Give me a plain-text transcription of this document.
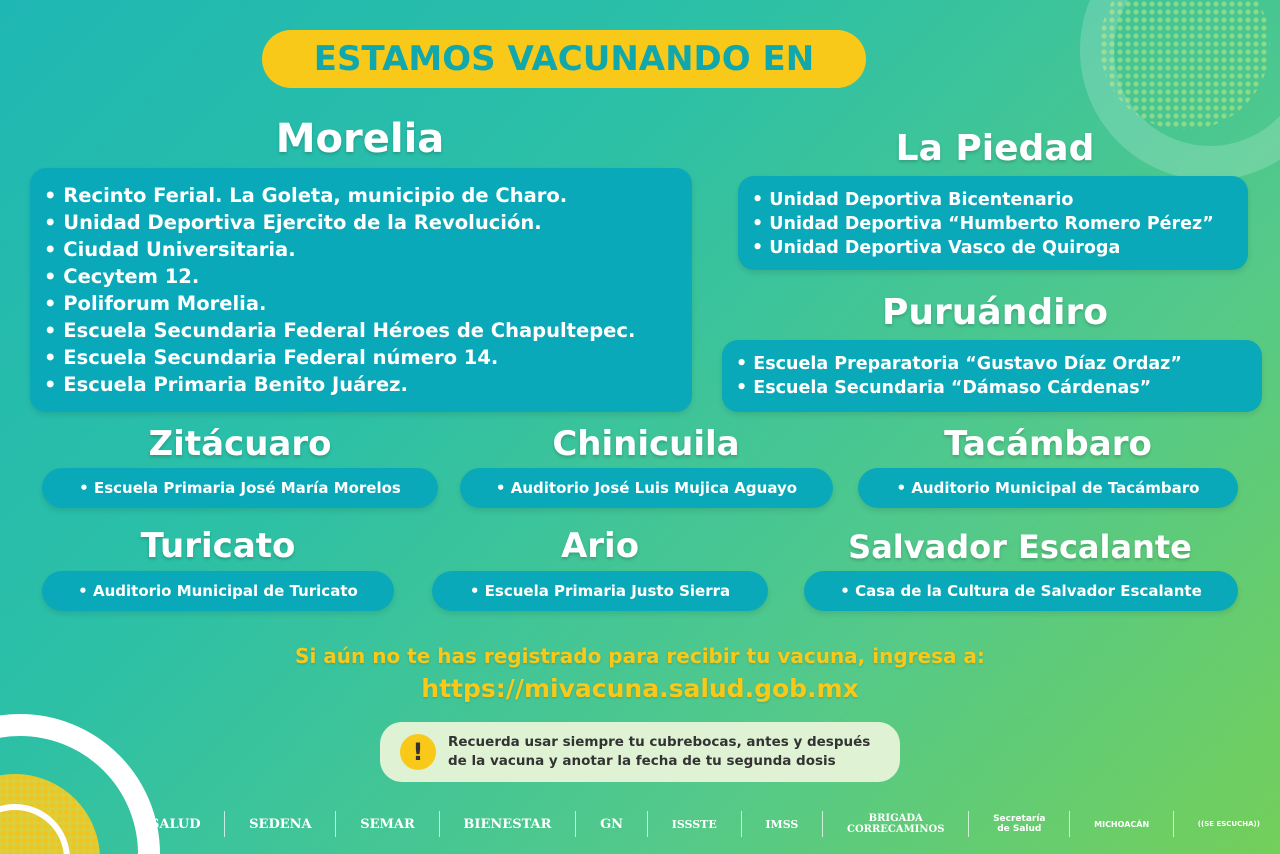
ESTAMOS VACUNANDO EN
Morelia
• Recinto Ferial. La Goleta, municipio de Charo.
• Unidad Deportiva Ejercito de la Revolución.
• Ciudad Universitaria.
• Cecytem 12.
• Poliforum Morelia.
• Escuela Secundaria Federal Héroes de Chapultepec.
• Escuela Secundaria Federal número 14.
• Escuela Primaria Benito Juárez.
La Piedad
• Unidad Deportiva Bicentenario
• Unidad Deportiva “Humberto Romero Pérez”
• Unidad Deportiva Vasco de Quiroga
Puruándiro
• Escuela Preparatoria “Gustavo Díaz Ordaz”
• Escuela Secundaria “Dámaso Cárdenas”
Zitácuaro
• Escuela Primaria José María Morelos
Chinicuila
• Auditorio José Luis Mujica Aguayo
Tacámbaro
• Auditorio Municipal de Tacámbaro
Turicato
• Auditorio Municipal de Turicato
Ario
• Escuela Primaria Justo Sierra
Salvador Escalante
• Casa de la Cultura de Salvador Escalante
Si aún no te has registrado para recibir tu vacuna, ingresa a:
https://mivacuna.salud.gob.mx
!	Recuerda usar siempre tu cubrebocas, antes y después
de la vacuna y anotar la fecha de tu segunda dosis
SALUD	SEDENA	SEMAR	BIENESTAR	GN	ISSSTE	IMSS	BRIGADA
CORRECAMINOS
Secretaría
de Salud	MICHOACÁN	((SE ESCUCHA))
